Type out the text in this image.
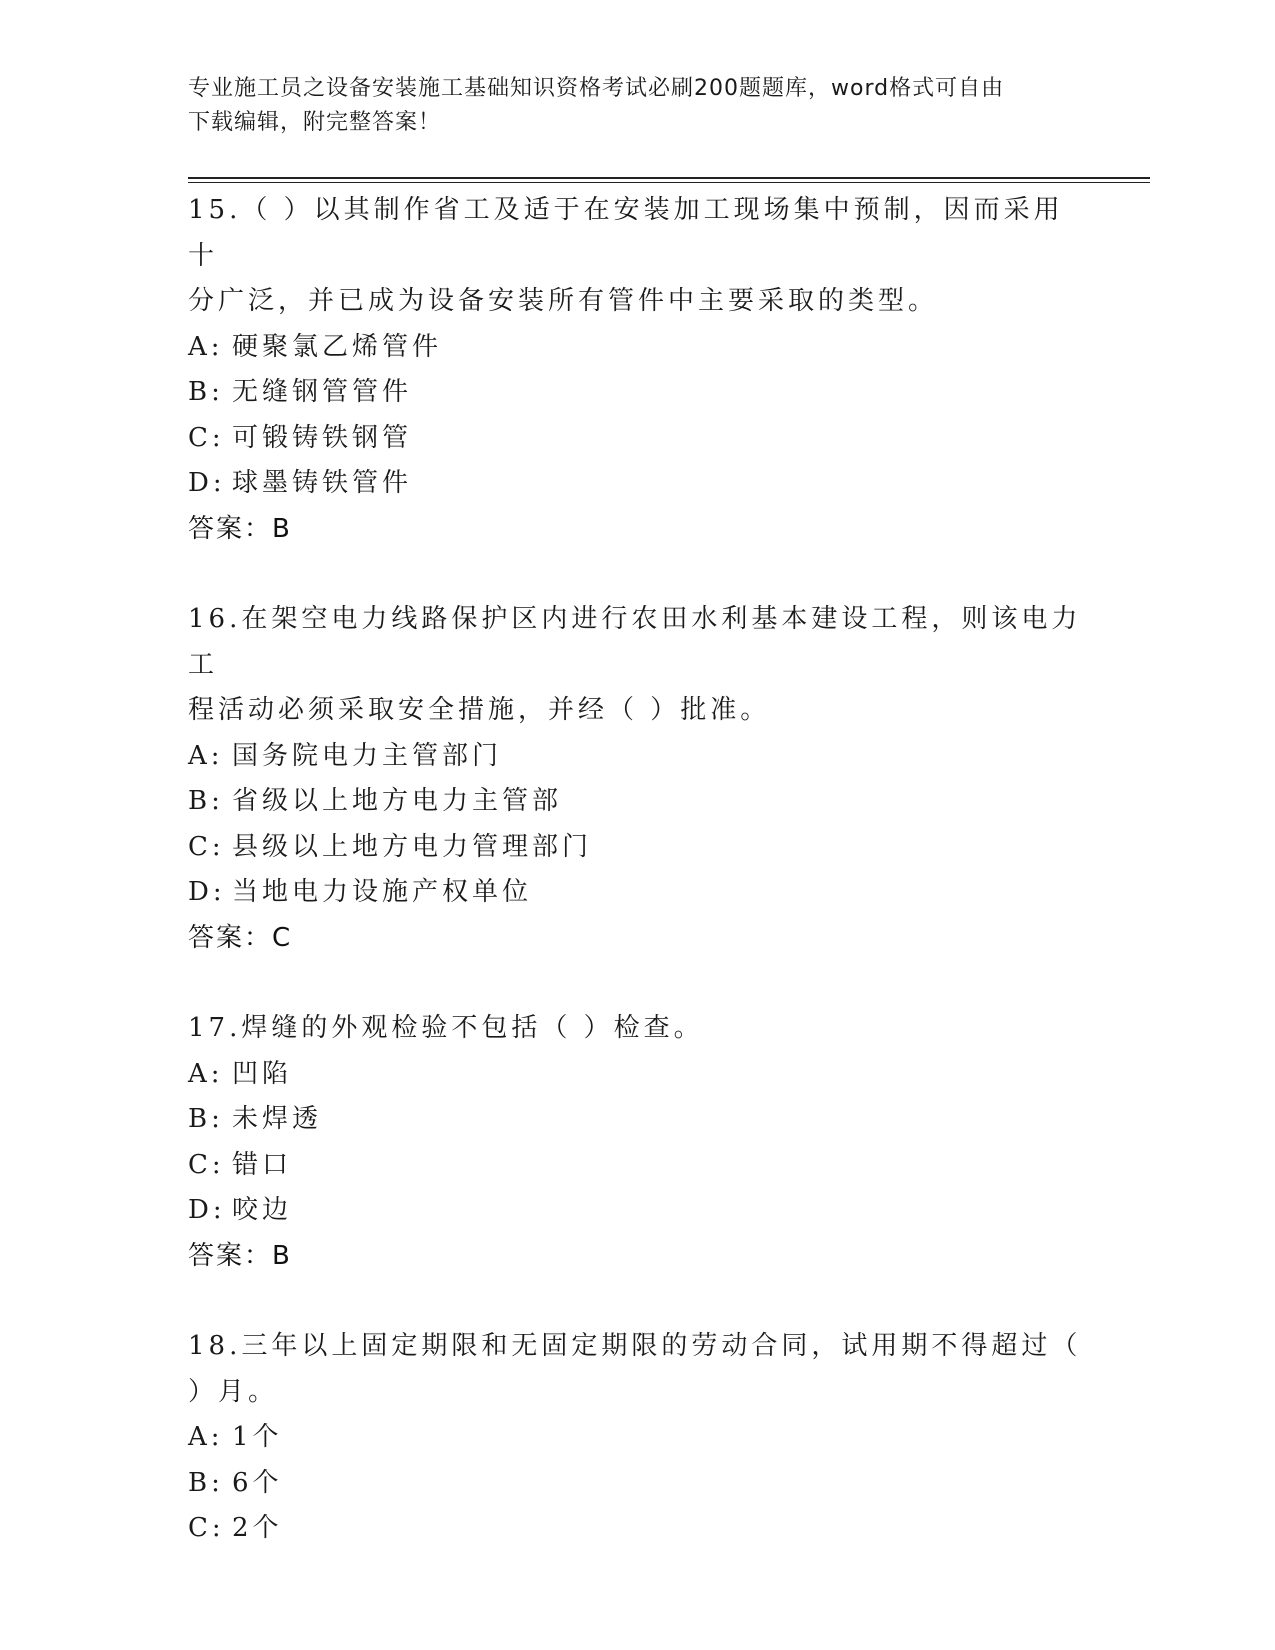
专业施工员之设备安装施工基础知识资格考试必刷200题题库，word格式可自由
下载编辑，附完整答案！

15.（ ）以其制作省工及适于在安装加工现场集中预制，因而采用十

分广泛，并已成为设备安装所有管件中主要采取的类型。

A: 硬聚氯乙烯管件

B: 无缝钢管管件

C: 可锻铸铁钢管

D: 球墨铸铁管件

答案：B

16.在架空电力线路保护区内进行农田水利基本建设工程，则该电力工

程活动必须采取安全措施，并经（ ）批准。

A: 国务院电力主管部门

B: 省级以上地方电力主管部

C: 县级以上地方电力管理部门

D: 当地电力设施产权单位

答案：C

17.焊缝的外观检验不包括（ ）检查。

A: 凹陷

B: 未焊透

C: 错口

D: 咬边

答案：B

18.三年以上固定期限和无固定期限的劳动合同，试用期不得超过（

）月。

A: 1个

B: 6个

C: 2个
